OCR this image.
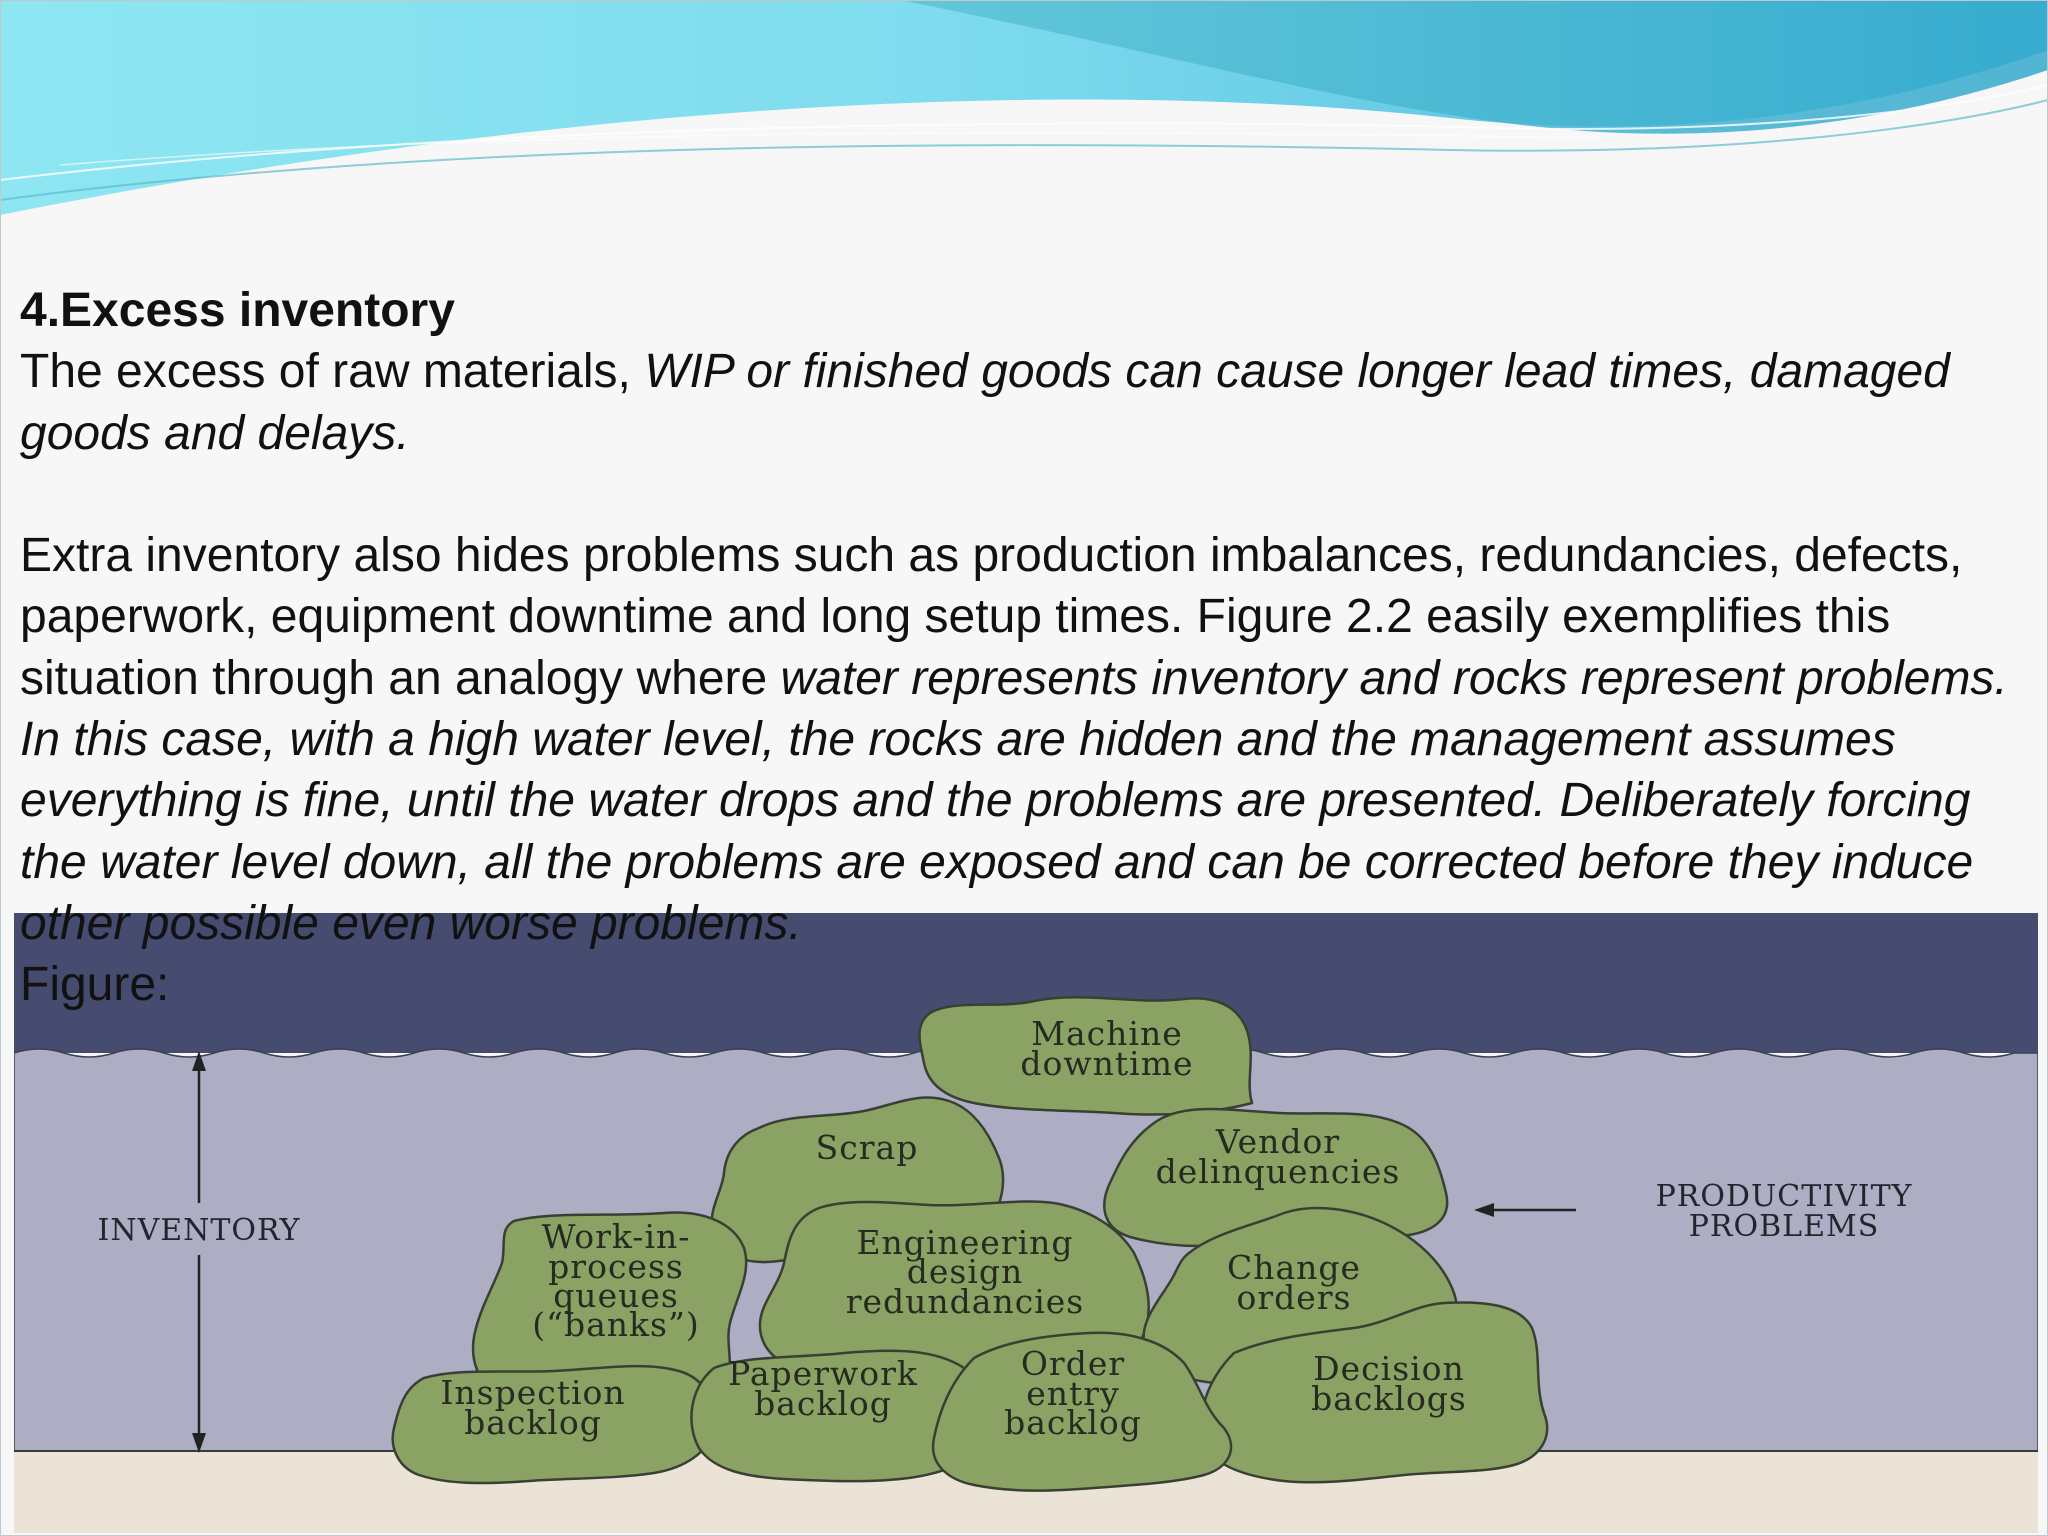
INVENTORY
PRODUCTIVITY
PROBLEMS
Machine
downtime
Scrap	Vendor
delinquencies
Work-in-
process
queues
(“banks”)
Engineering
design
redundancies
Change
orders
Inspection
backlog
Paperwork
backlog
Order
entry
backlog
Decision
backlogs

4.Excess inventory

The excess of raw materials, WIP or finished goods can cause longer lead times, damaged goods and delays.

Extra inventory also hides problems such as production imbalances, redundancies, defects, paperwork, equipment downtime and long setup times. Figure 2.2 easily exemplifies this situation through an analogy where water represents inventory and rocks represent problems. In this case, with a high water level, the rocks are hidden and the management assumes everything is fine, until the water drops and the problems are presented. Deliberately forcing the water level down, all the problems are exposed and can be corrected before they induce other possible even worse problems.

Figure:
